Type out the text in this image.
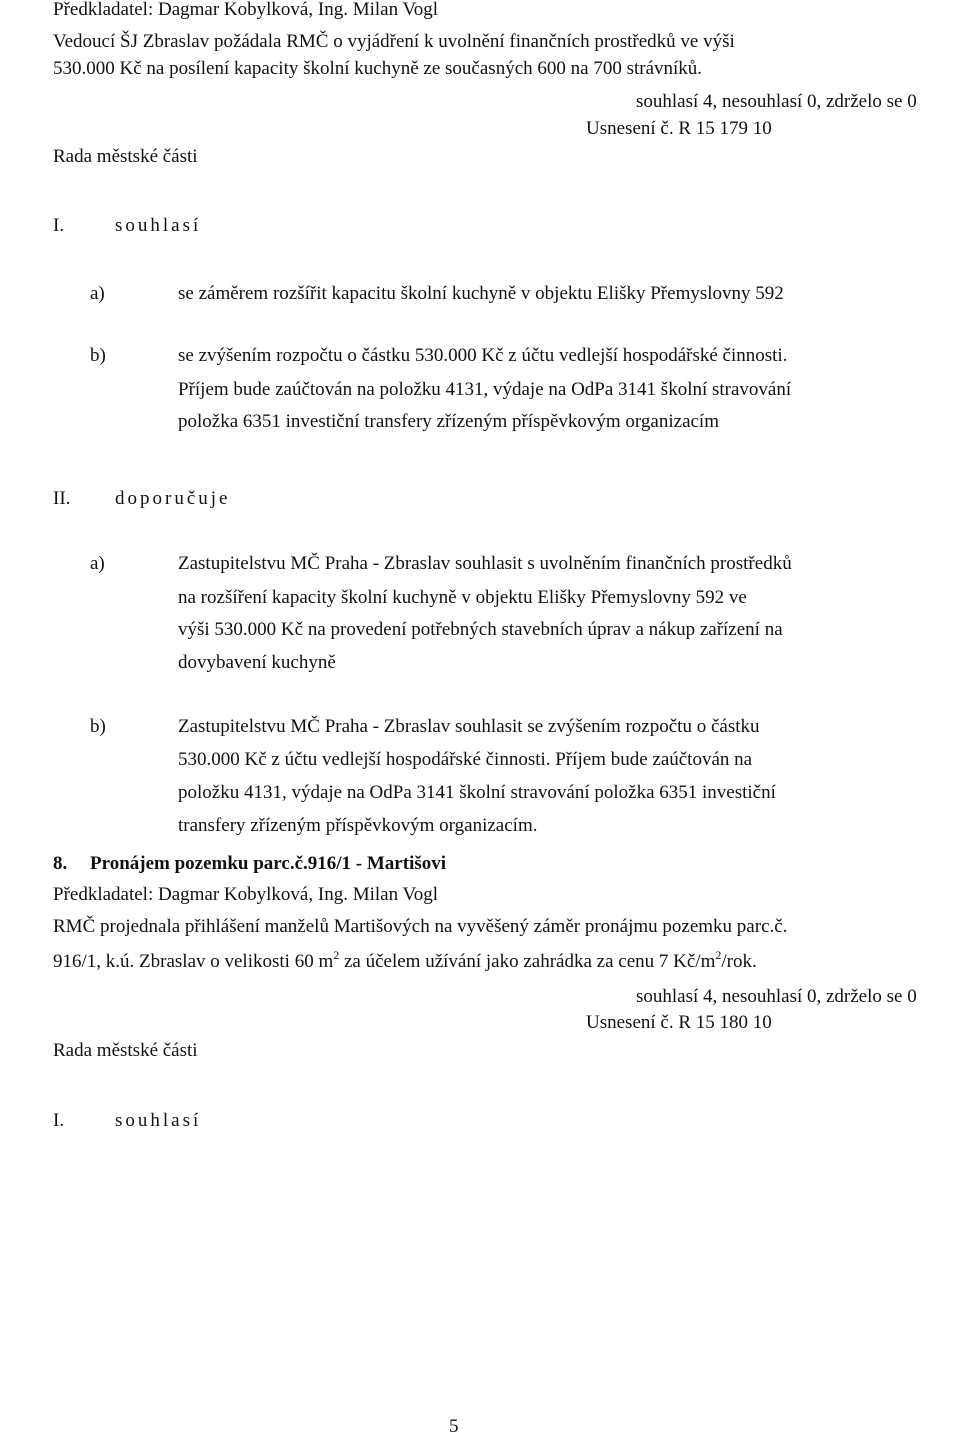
Předkladatel: Dagmar Kobylková, Ing. Milan Vogl
Vedoucí ŠJ Zbraslav požádala RMČ o vyjádření k uvolnění finančních prostředků ve výši
530.000 Kč na posílení kapacity školní kuchyně ze současných 600 na 700 strávníků.
souhlasí 4, nesouhlasí 0, zdrželo se 0
Usnesení č. R 15 179 10
Rada městské části
I.	souhlasí
a)	se záměrem rozšířit kapacitu školní kuchyně v objektu Elišky Přemyslovny 592
b)	se zvýšením rozpočtu o částku 530.000 Kč z účtu vedlejší hospodářské činnosti.
Příjem bude zaúčtován na položku 4131, výdaje na OdPa 3141 školní stravování
položka 6351 investiční transfery zřízeným příspěvkovým organizacím
II. doporučuje
a)	Zastupitelstvu MČ Praha - Zbraslav souhlasit s uvolněním finančních prostředků
na rozšíření kapacity školní kuchyně v objektu Elišky Přemyslovny 592 ve
výši 530.000 Kč na provedení potřebných stavebních úprav a nákup zařízení na
dovybavení kuchyně
b)	Zastupitelstvu MČ Praha - Zbraslav souhlasit se zvýšením rozpočtu o částku
530.000 Kč z účtu vedlejší hospodářské činnosti. Příjem bude zaúčtován na
položku 4131, výdaje na OdPa 3141 školní stravování položka 6351 investiční
transfery zřízeným příspěvkovým organizacím.
8. Pronájem pozemku parc.č.916/1 - Martišovi
Předkladatel: Dagmar Kobylková, Ing. Milan Vogl
RMČ projednala přihlášení manželů Martišových na vyvěšený záměr pronájmu pozemku parc.č.
916/1, k.ú. Zbraslav o velikosti 60 $m^2$ za účelem užívání jako zahrádka za cenu 7 $Kč/m^2$/rok.
souhlasí 4, nesouhlasí 0, zdrželo se 0
Usnesení č. R 15 180 10
Rada městské části
I.	souhlasí
5
